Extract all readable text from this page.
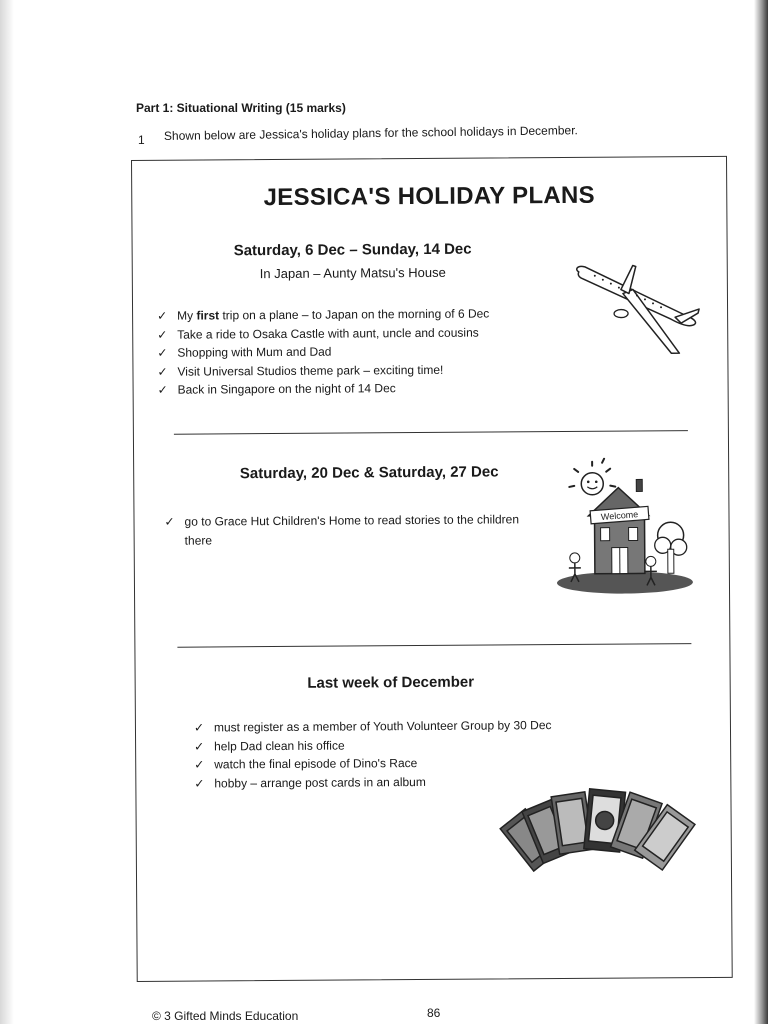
Part 1: Situational Writing (15 marks)
1 Shown below are Jessica's holiday plans for the school holidays in December.
JESSICA'S HOLIDAY PLANS
Saturday, 6 Dec – Sunday, 14 Dec
In Japan – Aunty Matsu's House
✓ My first trip on a plane – to Japan on the morning of 6 Dec
✓ Take a ride to Osaka Castle with aunt, uncle and cousins
✓ Shopping with Mum and Dad
✓ Visit Universal Studios theme park – exciting time!
✓ Back in Singapore on the night of 14 Dec
Saturday, 20 Dec & Saturday, 27 Dec
✓ go to Grace Hut Children's Home to read stories to the children there
Welcome
Last week of December
✓ must register as a member of Youth Volunteer Group by 30 Dec
✓ help Dad clean his office
✓ watch the final episode of Dino's Race
✓ hobby – arrange post cards in an album
© 3 Gifted Minds Education	86
